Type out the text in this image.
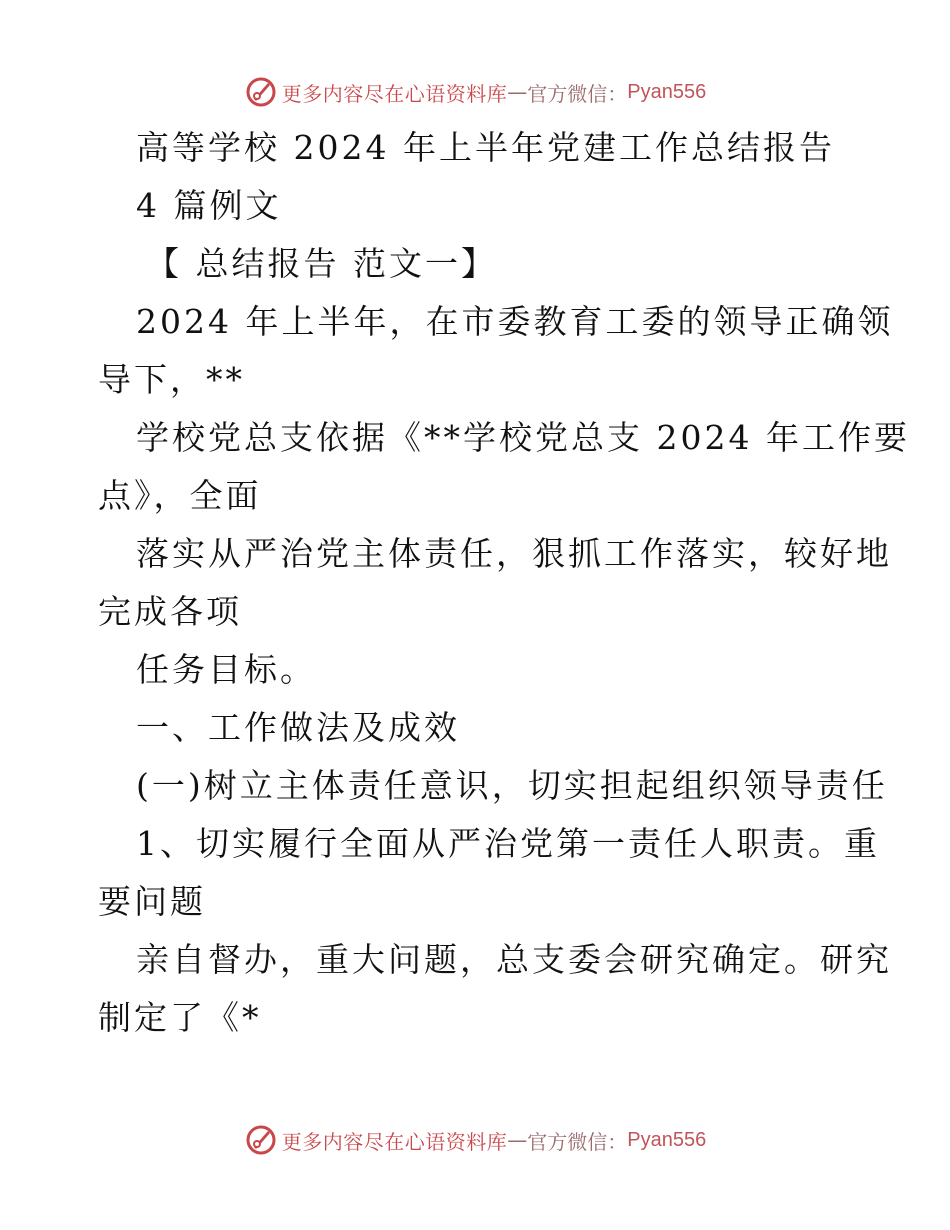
更多内容尽在心语资料库 — 官方微信： Pyan556
高等学校 2024 年上半年党建工作总结报告
4 篇例文
【 总结报告 范文一】
2024 年上半年，在市委教育工委的领导正确领
导下，**
学校党总支依据《**学校党总支 2024 年工作要
点》，全面
落实从严治党主体责任，狠抓工作落实，较好地
完成各项
任务目标。
一、工作做法及成效
(一)树立主体责任意识，切实担起组织领导责任
1、切实履行全面从严治党第一责任人职责。重
要问题
亲自督办，重大问题，总支委会研究确定。研究
制定了《*
更多内容尽在心语资料库 — 官方微信： Pyan556
